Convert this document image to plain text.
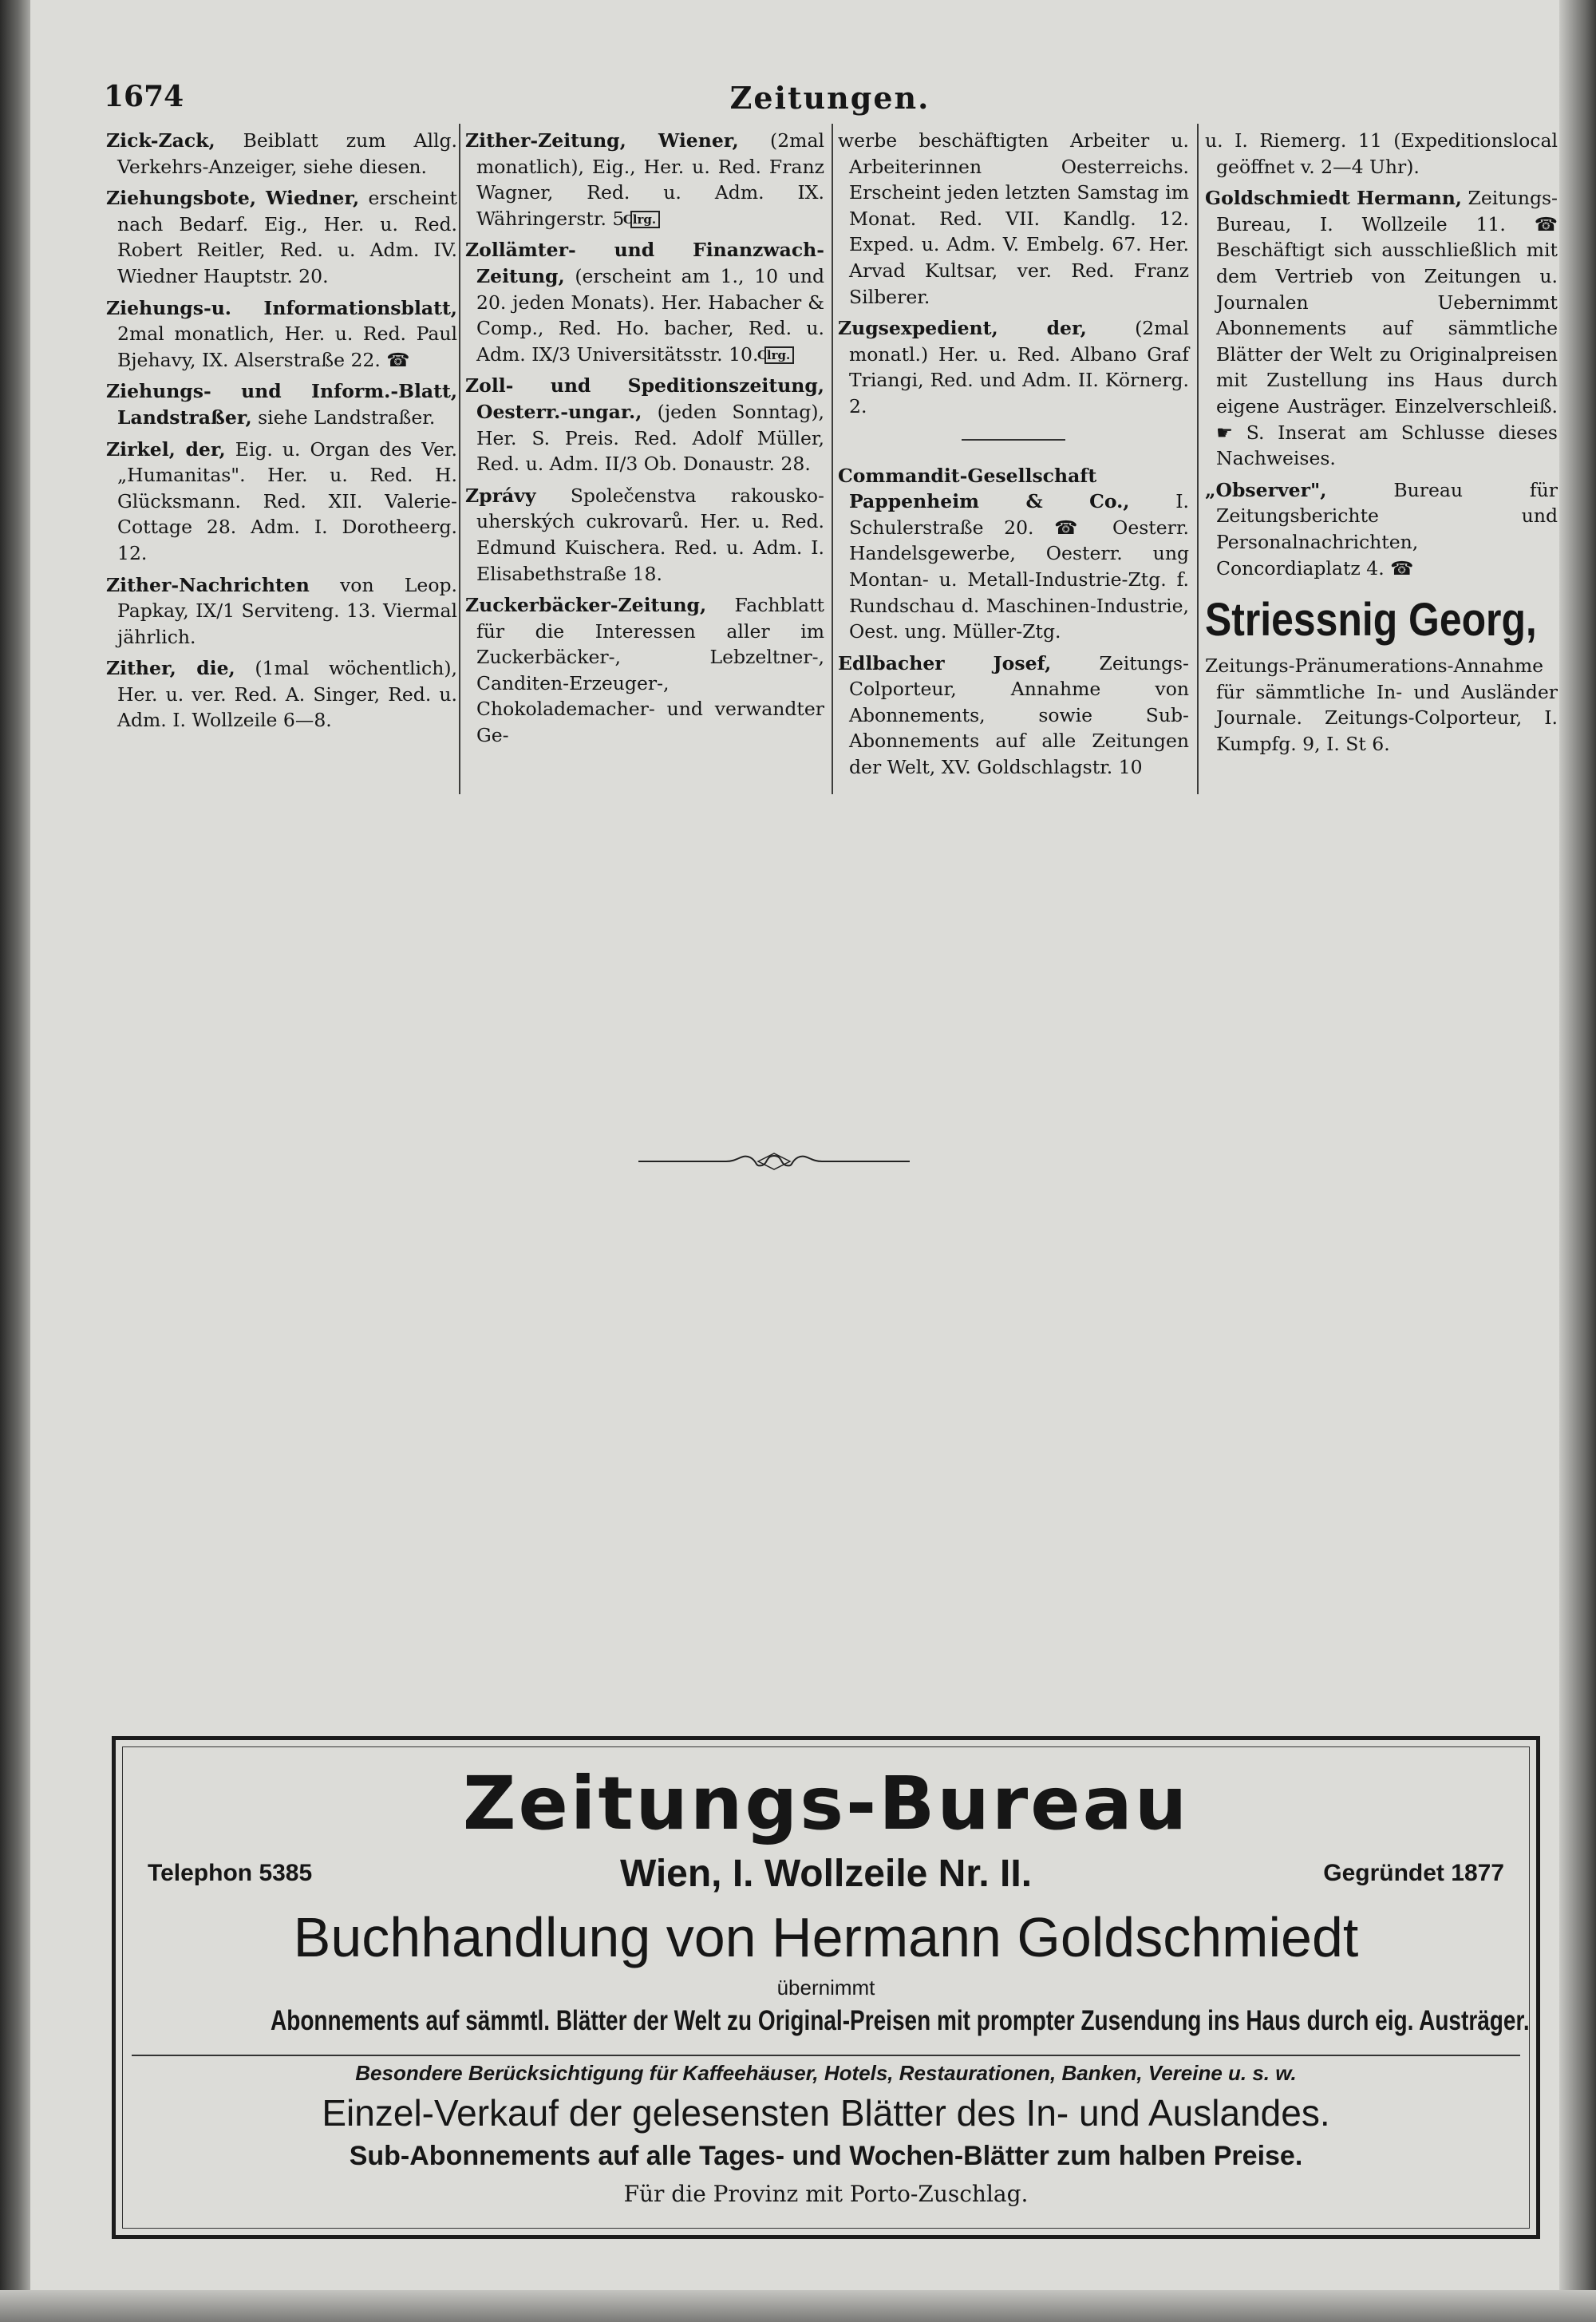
1674	Zeitungen.
Zick-Zack, Beiblatt zum Allg. Verkehrs-Anzeiger, siehe diesen.
Ziehungsbote, Wiedner, erscheint nach Bedarf. Eig., Her. u. Red. Robert Reitler, Red. u. Adm. IV. Wiedner Hauptstr. 20.
Ziehungs-u. Informationsblatt, 2mal monatlich, Her. u. Red. Paul Bjehavy, IX. Alserstraße 22. ☎
Ziehungs- und Inform.-Blatt, Landstraßer, siehe Landstraßer.
Zirkel, der, Eig. u. Organ des Ver. „Humanitas". Her. u. Red. H. Glücksmann. Red. XII. Valerie-Cottage 28. Adm. I. Dorotheerg. 12.
Zither-Nachrichten von Leop. Papkay, IX/1 Serviteng. 13. Viermal jährlich.
Zither, die, (1mal wöchentlich), Her. u. ver. Red. A. Singer, Red. u. Adm. I. Wollzeile 6—8.
Zither-Zeitung, Wiener, (2mal monatlich), Eig., Her. u. Red. Franz Wagner, Red. u. Adm. IX. Währingerstr. 5 Clrg.
Zollämter- und Finanzwach-Zeitung, (erscheint am 1., 10 und 20. jeden Monats). Her. Habacher & Comp., Red. Ho. bacher, Red. u. Adm. IX/3 Universitätsstr. 10. Clrg.
Zoll- und Speditionszeitung, Oesterr.-ungar., (jeden Sonntag), Her. S. Preis. Red. Adolf Müller, Red. u. Adm. II/3 Ob. Donaustr. 28.
Zprávy Společenstva rakousko-uherských cukrovarů. Her. u. Red. Edmund Kuischera. Red. u. Adm. I. Elisabethstraße 18.
Zuckerbäcker-Zeitung, Fachblatt für die Interessen aller im Zuckerbäcker-, Lebzeltner-, Canditen-Erzeuger-, Chokolademacher- und verwandter Ge-
werbe beschäftigten Arbeiter u. Arbeiterinnen Oesterreichs. Erscheint jeden letzten Samstag im Monat. Red. VII. Kandlg. 12. Exped. u. Adm. V. Embelg. 67. Her. Arvad Kultsar, ver. Red. Franz Silberer.
Zugsexpedient, der,	(2mal monatl.) Her. u. Red. Albano Graf Triangi, Red. und Adm. II. Körnerg. 2.
Commandit-Gesellschaft Pappenheim & Co., I. Schulerstraße 20. ☎ Oesterr. Handelsgewerbe, Oesterr. ung Montan- u. Metall-Industrie-Ztg. f. Rundschau d. Maschinen-Industrie, Oest. ung. Müller-Ztg.
Edlbacher Josef,	Zeitungs-Colporteur, Annahme von Abonnements, sowie Sub-Abonnements auf alle Zeitungen der Welt, XV. Goldschlagstr. 10
u. I. Riemerg. 11 (Expeditionslocal geöffnet v. 2—4 Uhr).
Goldschmiedt Hermann, Zeitungs-Bureau, I. Wollzeile 11. ☎ Beschäftigt sich ausschließlich mit dem Vertrieb von Zeitungen u. Journalen Uebernimmt Abonnements auf sämmtliche Blätter der Welt zu Originalpreisen mit Zustellung ins Haus durch eigene Austräger. Einzelverschleiß. ☛ S. Inserat am Schlusse dieses Nachweises.
„Observer",	Bureau für Zeitungsberichte und Personalnachrichten, Concordiaplatz 4. ☎
Striessnig Georg,
Zeitungs-Pränumerations-Annahme für sämmtliche In- und Ausländer Journale. Zeitungs-Colporteur, I. Kumpfg. 9, I. St 6.
Zeitungs-Bureau
Telephon 5385	Wien, I. Wollzeile Nr. II.	Gegründet 1877
Buchhandlung von Hermann Goldschmiedt
übernimmt
Abonnements auf sämmtl. Blätter der Welt zu Original-Preisen mit prompter Zusendung ins Haus durch eig. Austräger.
Besondere Berücksichtigung für Kaffeehäuser, Hotels, Restaurationen, Banken, Vereine u. s. w.
Einzel-Verkauf der gelesensten Blätter des In- und Auslandes.
Sub-Abonnements auf alle Tages- und Wochen-Blätter zum halben Preise.
Für die Provinz mit Porto-Zuschlag.
